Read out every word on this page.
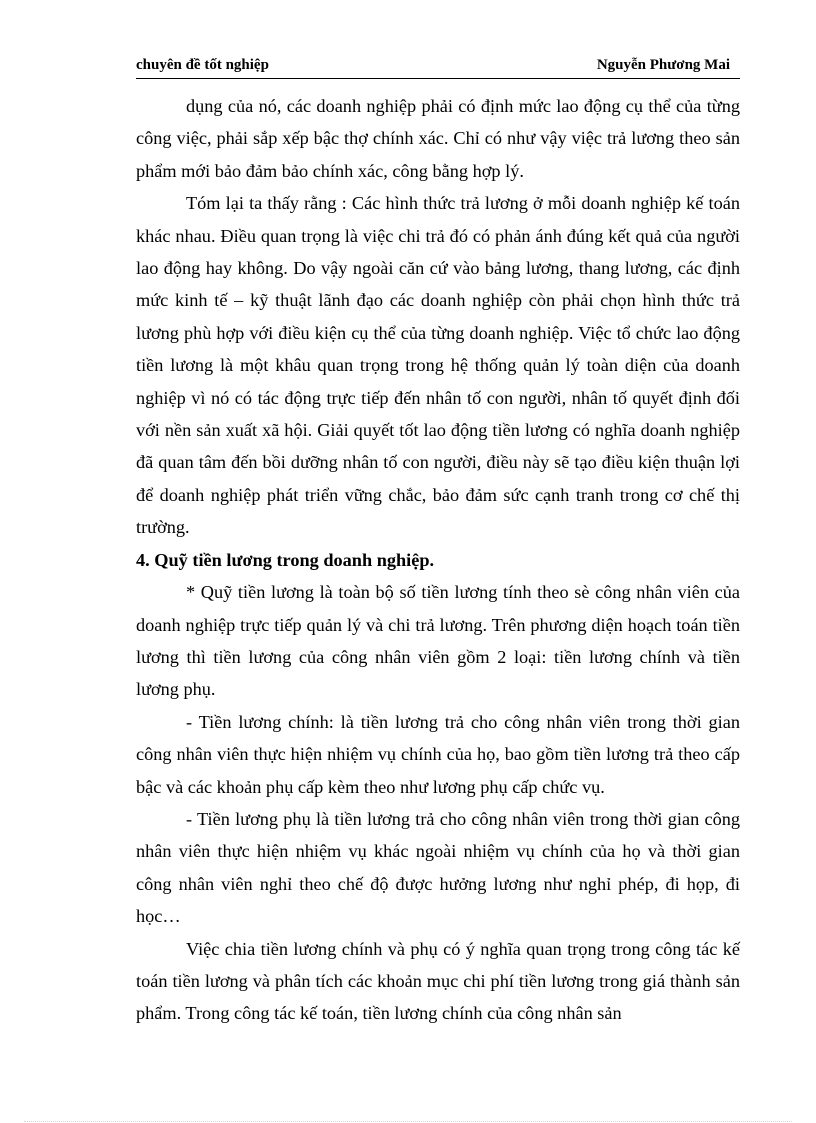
chuyên đề tốt nghiệp	Nguyễn Phương Mai

dụng của nó, các doanh nghiệp phải có định mức lao động cụ thể của từng công việc, phải sắp xếp bậc thợ chính xác. Chỉ có như vậy việc trả lương theo sản phẩm mới bảo đảm bảo chính xác, công bằng hợp lý.

Tóm lại ta thấy rằng : Các hình thức trả lương ở mỗi doanh nghiệp kế toán khác nhau. Điều quan trọng là việc chi trả đó có phản ánh đúng kết quả của người lao động hay không. Do vậy ngoài căn cứ vào bảng lương, thang lương, các định mức kinh tế – kỹ thuật lãnh đạo các doanh nghiệp còn phải chọn hình thức trả lương phù hợp với điều kiện cụ thể của từng doanh nghiệp. Việc tổ chức lao động tiền lương là một khâu quan trọng trong hệ thống quản lý toàn diện của doanh nghiệp vì nó có tác động trực tiếp đến nhân tố con người, nhân tố quyết định đối với nền sản xuất xã hội. Giải quyết tốt lao động tiền lương có nghĩa doanh nghiệp đã quan tâm đến bồi dưỡng nhân tố con người, điều này sẽ tạo điều kiện thuận lợi để doanh nghiệp phát triển vững chắc, bảo đảm sức cạnh tranh trong cơ chế thị trường.

4. Quỹ tiền lương trong doanh nghiệp.

* Quỹ tiền lương là toàn bộ số tiền lương tính theo sè công nhân viên của doanh nghiệp trực tiếp quản lý và chi trả lương. Trên phương diện hoạch toán tiền lương thì tiền lương của công nhân viên gồm 2 loại: tiền lương chính và tiền lương phụ.

- Tiền lương chính: là tiền lương trả cho công nhân viên trong thời gian công nhân viên thực hiện nhiệm vụ chính của họ, bao gồm tiền lương trả theo cấp bậc và các khoản phụ cấp kèm theo như lương phụ cấp chức vụ.

- Tiền lương phụ là tiền lương trả cho công nhân viên trong thời gian công nhân viên thực hiện nhiệm vụ khác ngoài nhiệm vụ chính của họ và thời gian công nhân viên nghỉ theo chế độ được hưởng lương như nghỉ phép, đi họp, đi học…

Việc chia tiền lương chính và phụ có ý nghĩa quan trọng trong công tác kế toán tiền lương và phân tích các khoản mục chi phí tiền lương trong giá thành sản phẩm. Trong công tác kế toán, tiền lương chính của công nhân sản
